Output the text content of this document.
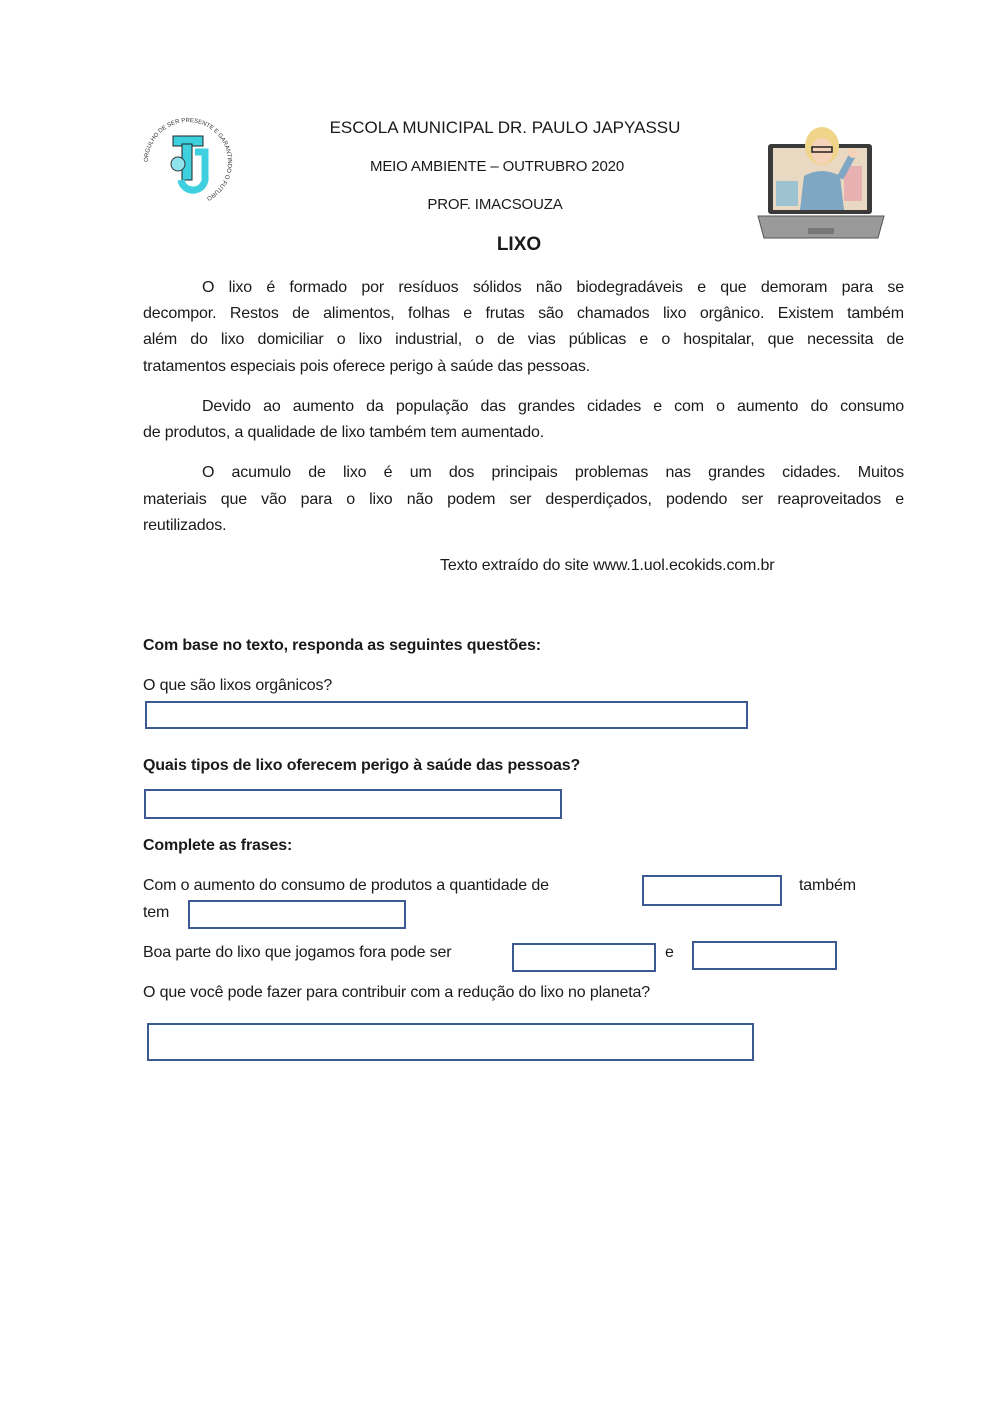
ORGULHO DE SER PRESENTE E GARANTINDO O FUTURO
ESCOLA MUNICIPAL DR. PAULO JAPYASSU
MEIO AMBIENTE – OUTRUBRO 2020
PROF. IMACSOUZA
LIXO
O lixo é formado por resíduos sólidos não biodegradáveis e que demoram para se
decompor. Restos de alimentos, folhas e frutas são chamados lixo orgânico. Existem também
além do lixo domiciliar o lixo industrial, o de vias públicas e o hospitalar, que necessita de
tratamentos especiais pois oferece perigo à saúde das pessoas.
Devido ao aumento da população das grandes cidades e com o aumento do consumo
de produtos, a qualidade de lixo também tem aumentado.
O acumulo de lixo é um dos principais problemas nas grandes cidades. Muitos
materiais que vão para o lixo não podem ser desperdiçados, podendo ser reaproveitados e
reutilizados.
Texto extraído do site www.1.uol.ecokids.com.br
Com base no texto, responda as seguintes questões:
O que são lixos orgânicos?
Quais tipos de lixo oferecem perigo à saúde das pessoas?
Complete as frases:
Com o aumento do consumo de produtos a quantidade de	também
tem
Boa parte do lixo que jogamos fora pode ser	e
O que você pode fazer para contribuir com a redução do lixo no planeta?
